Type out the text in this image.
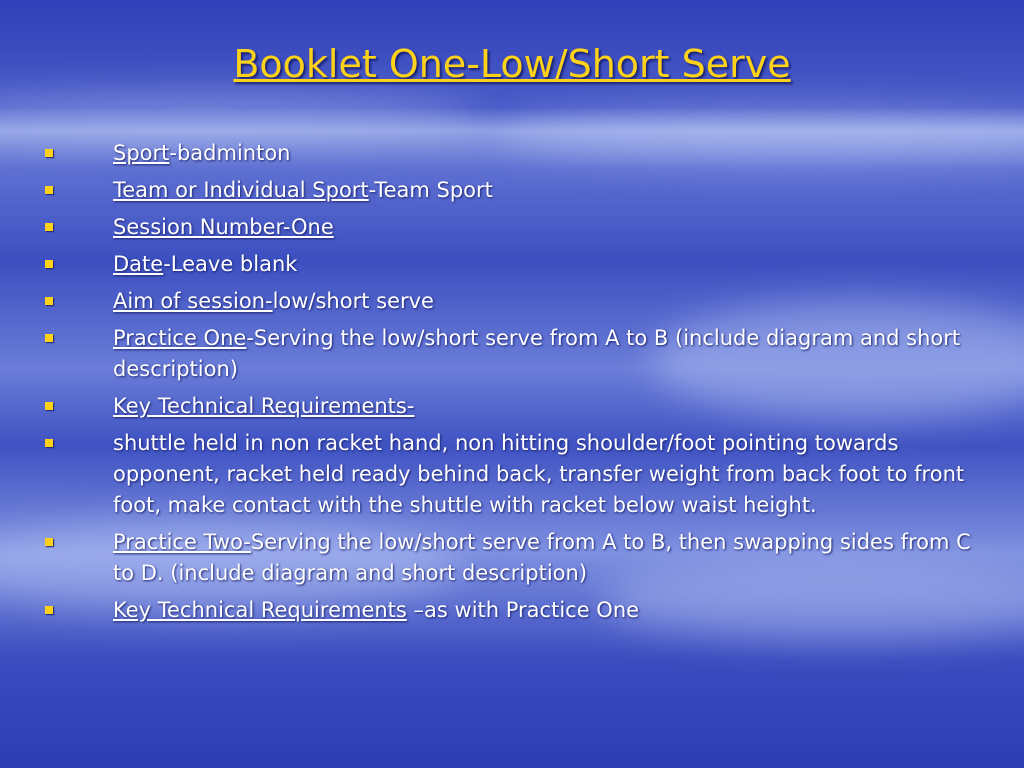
Booklet One-Low/Short Serve
Sport-badminton
Team or Individual Sport-Team Sport
Session Number-One
Date-Leave blank
Aim of session-low/short serve
Practice One-Serving the low/short serve from A to B (include diagram and short description)
Key Technical Requirements-
shuttle held in non racket hand, non hitting shoulder/foot pointing towards opponent, racket held ready behind back, transfer weight from back foot to front foot, make contact with the shuttle with racket below waist height.
Practice Two-Serving the low/short serve from A to B, then swapping sides from C to D. (include diagram and short description)
Key Technical Requirements –as with Practice One
